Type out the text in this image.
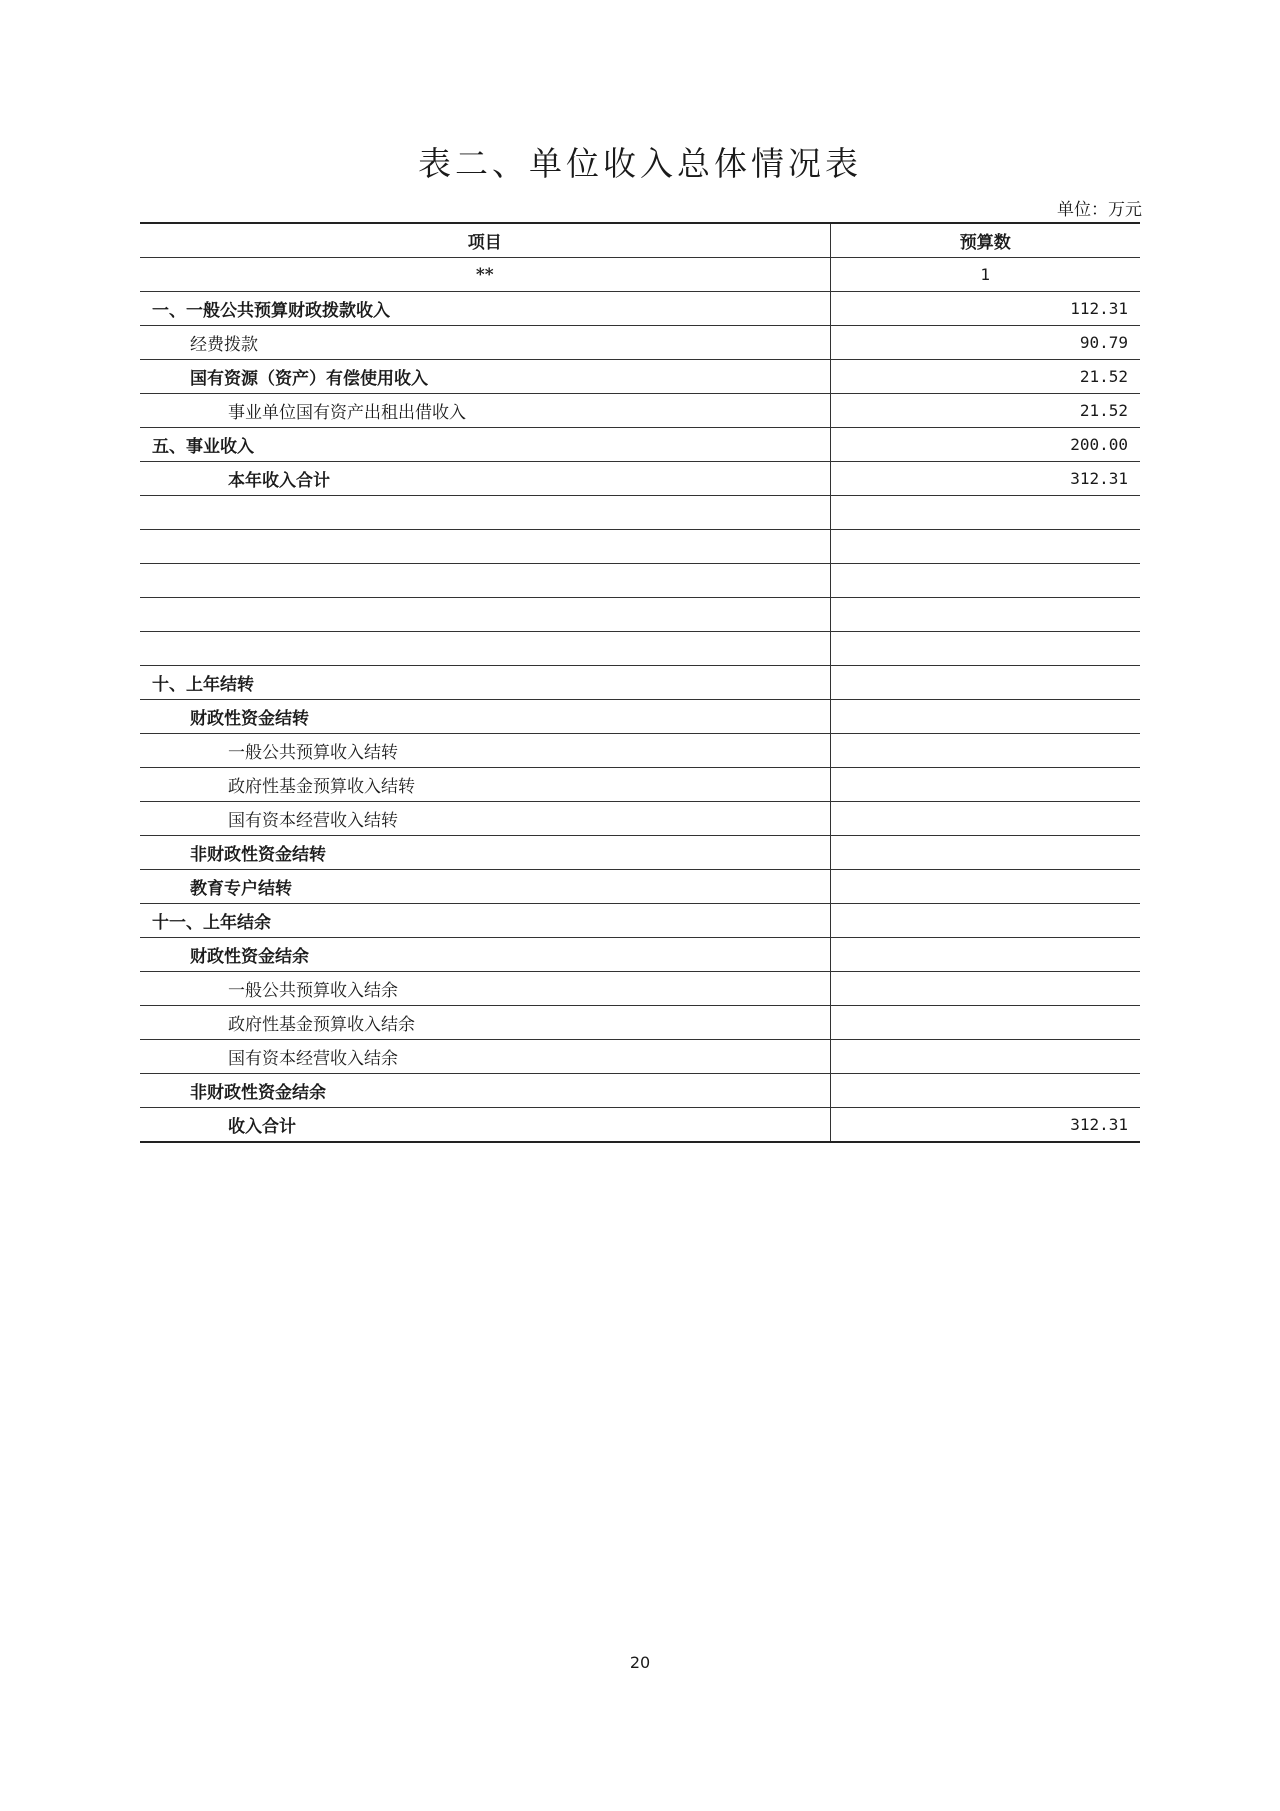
表二、单位收入总体情况表
单位：万元
项目	预算数
**	1
一、一般公共预算财政拨款收入	112.31
经费拨款	90.79
国有资源（资产）有偿使用收入	21.52
事业单位国有资产出租出借收入	21.52
五、事业收入	200.00
本年收入合计	312.31

十、上年结转	
财政性资金结转	
一般公共预算收入结转	
政府性基金预算收入结转	
国有资本经营收入结转	
非财政性资金结转	
教育专户结转	
十一、上年结余	
财政性资金结余	
一般公共预算收入结余	
政府性基金预算收入结余	
国有资本经营收入结余	
非财政性资金结余	
收入合计	312.31
20
